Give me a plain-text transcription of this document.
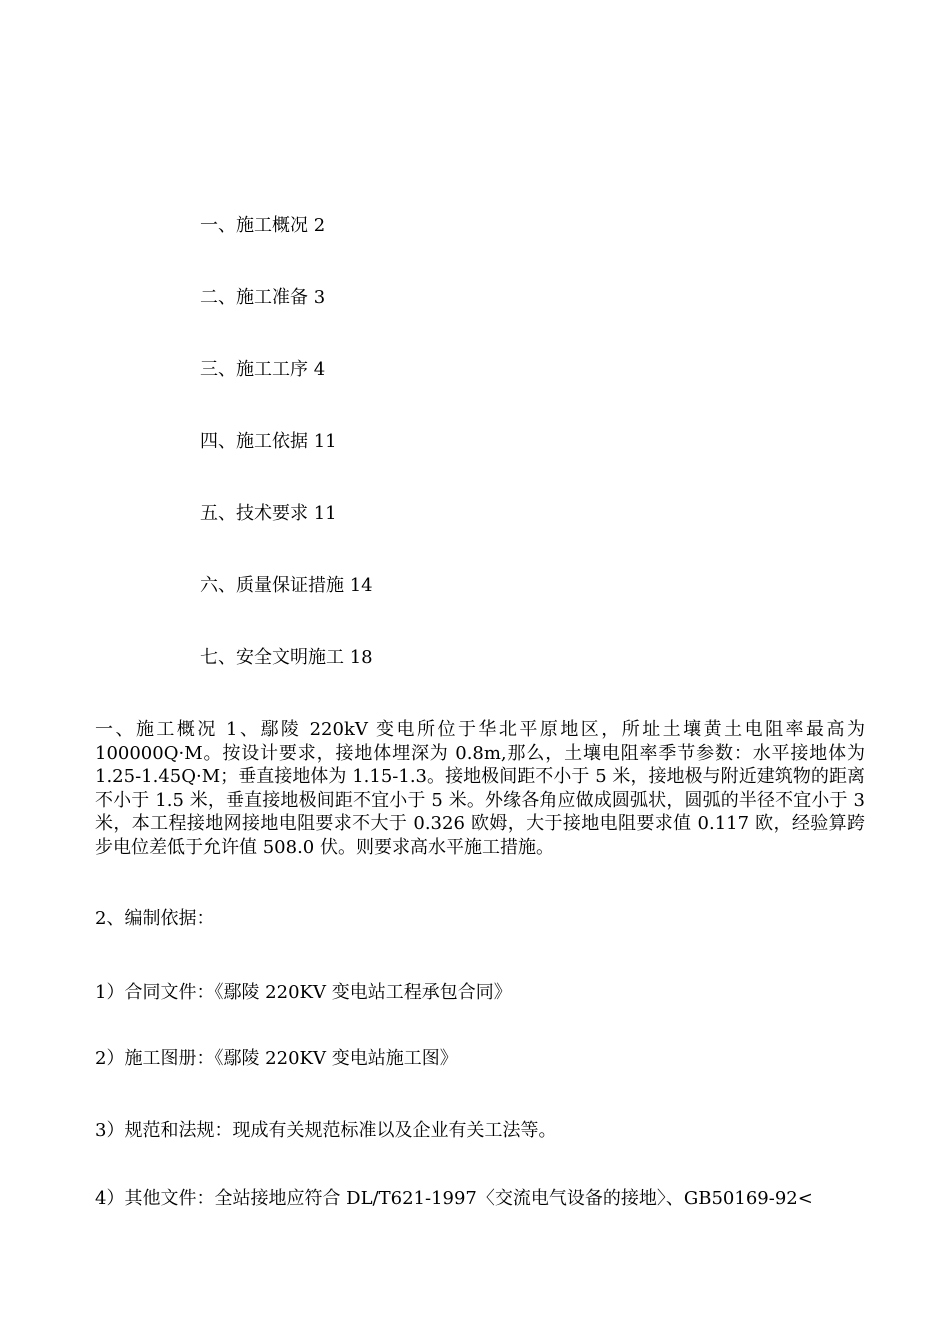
一、施工概况 2
二、施工准备 3
三、施工工序 4
四、施工依据 11
五、技术要求 11
六、质量保证措施 14
七、安全文明施工 18

一、施工概况 1、鄢陵 220kV 变电所位于华北平原地区，所址土壤黄土电阻率最高为 100000Q·M。按设计要求，接地体埋深为 0.8m,那么，土壤电阻率季节参数：水平接地体为 1.25-1.45Q·M；垂直接地体为 1.15-1.3。接地极间距不小于 5 米，接地极与附近建筑物的距离不小于 1.5 米，垂直接地极间距不宜小于 5 米。外缘各角应做成圆弧状，圆弧的半径不宜小于 3 米，本工程接地网接地电阻要求不大于 0.326 欧姆，大于接地电阻要求值 0.117 欧，经验算跨步电位差低于允许值 508.0 伏。则要求高水平施工措施。

2、编制依据：

1）合同文件：《鄢陵 220KV 变电站工程承包合同》

2）施工图册：《鄢陵 220KV 变电站施工图》

3）规范和法规：现成有关规范标准以及企业有关工法等。

4）其他文件：全站接地应符合 DL/T621-1997〈交流电气设备的接地〉、GB50169-92<
